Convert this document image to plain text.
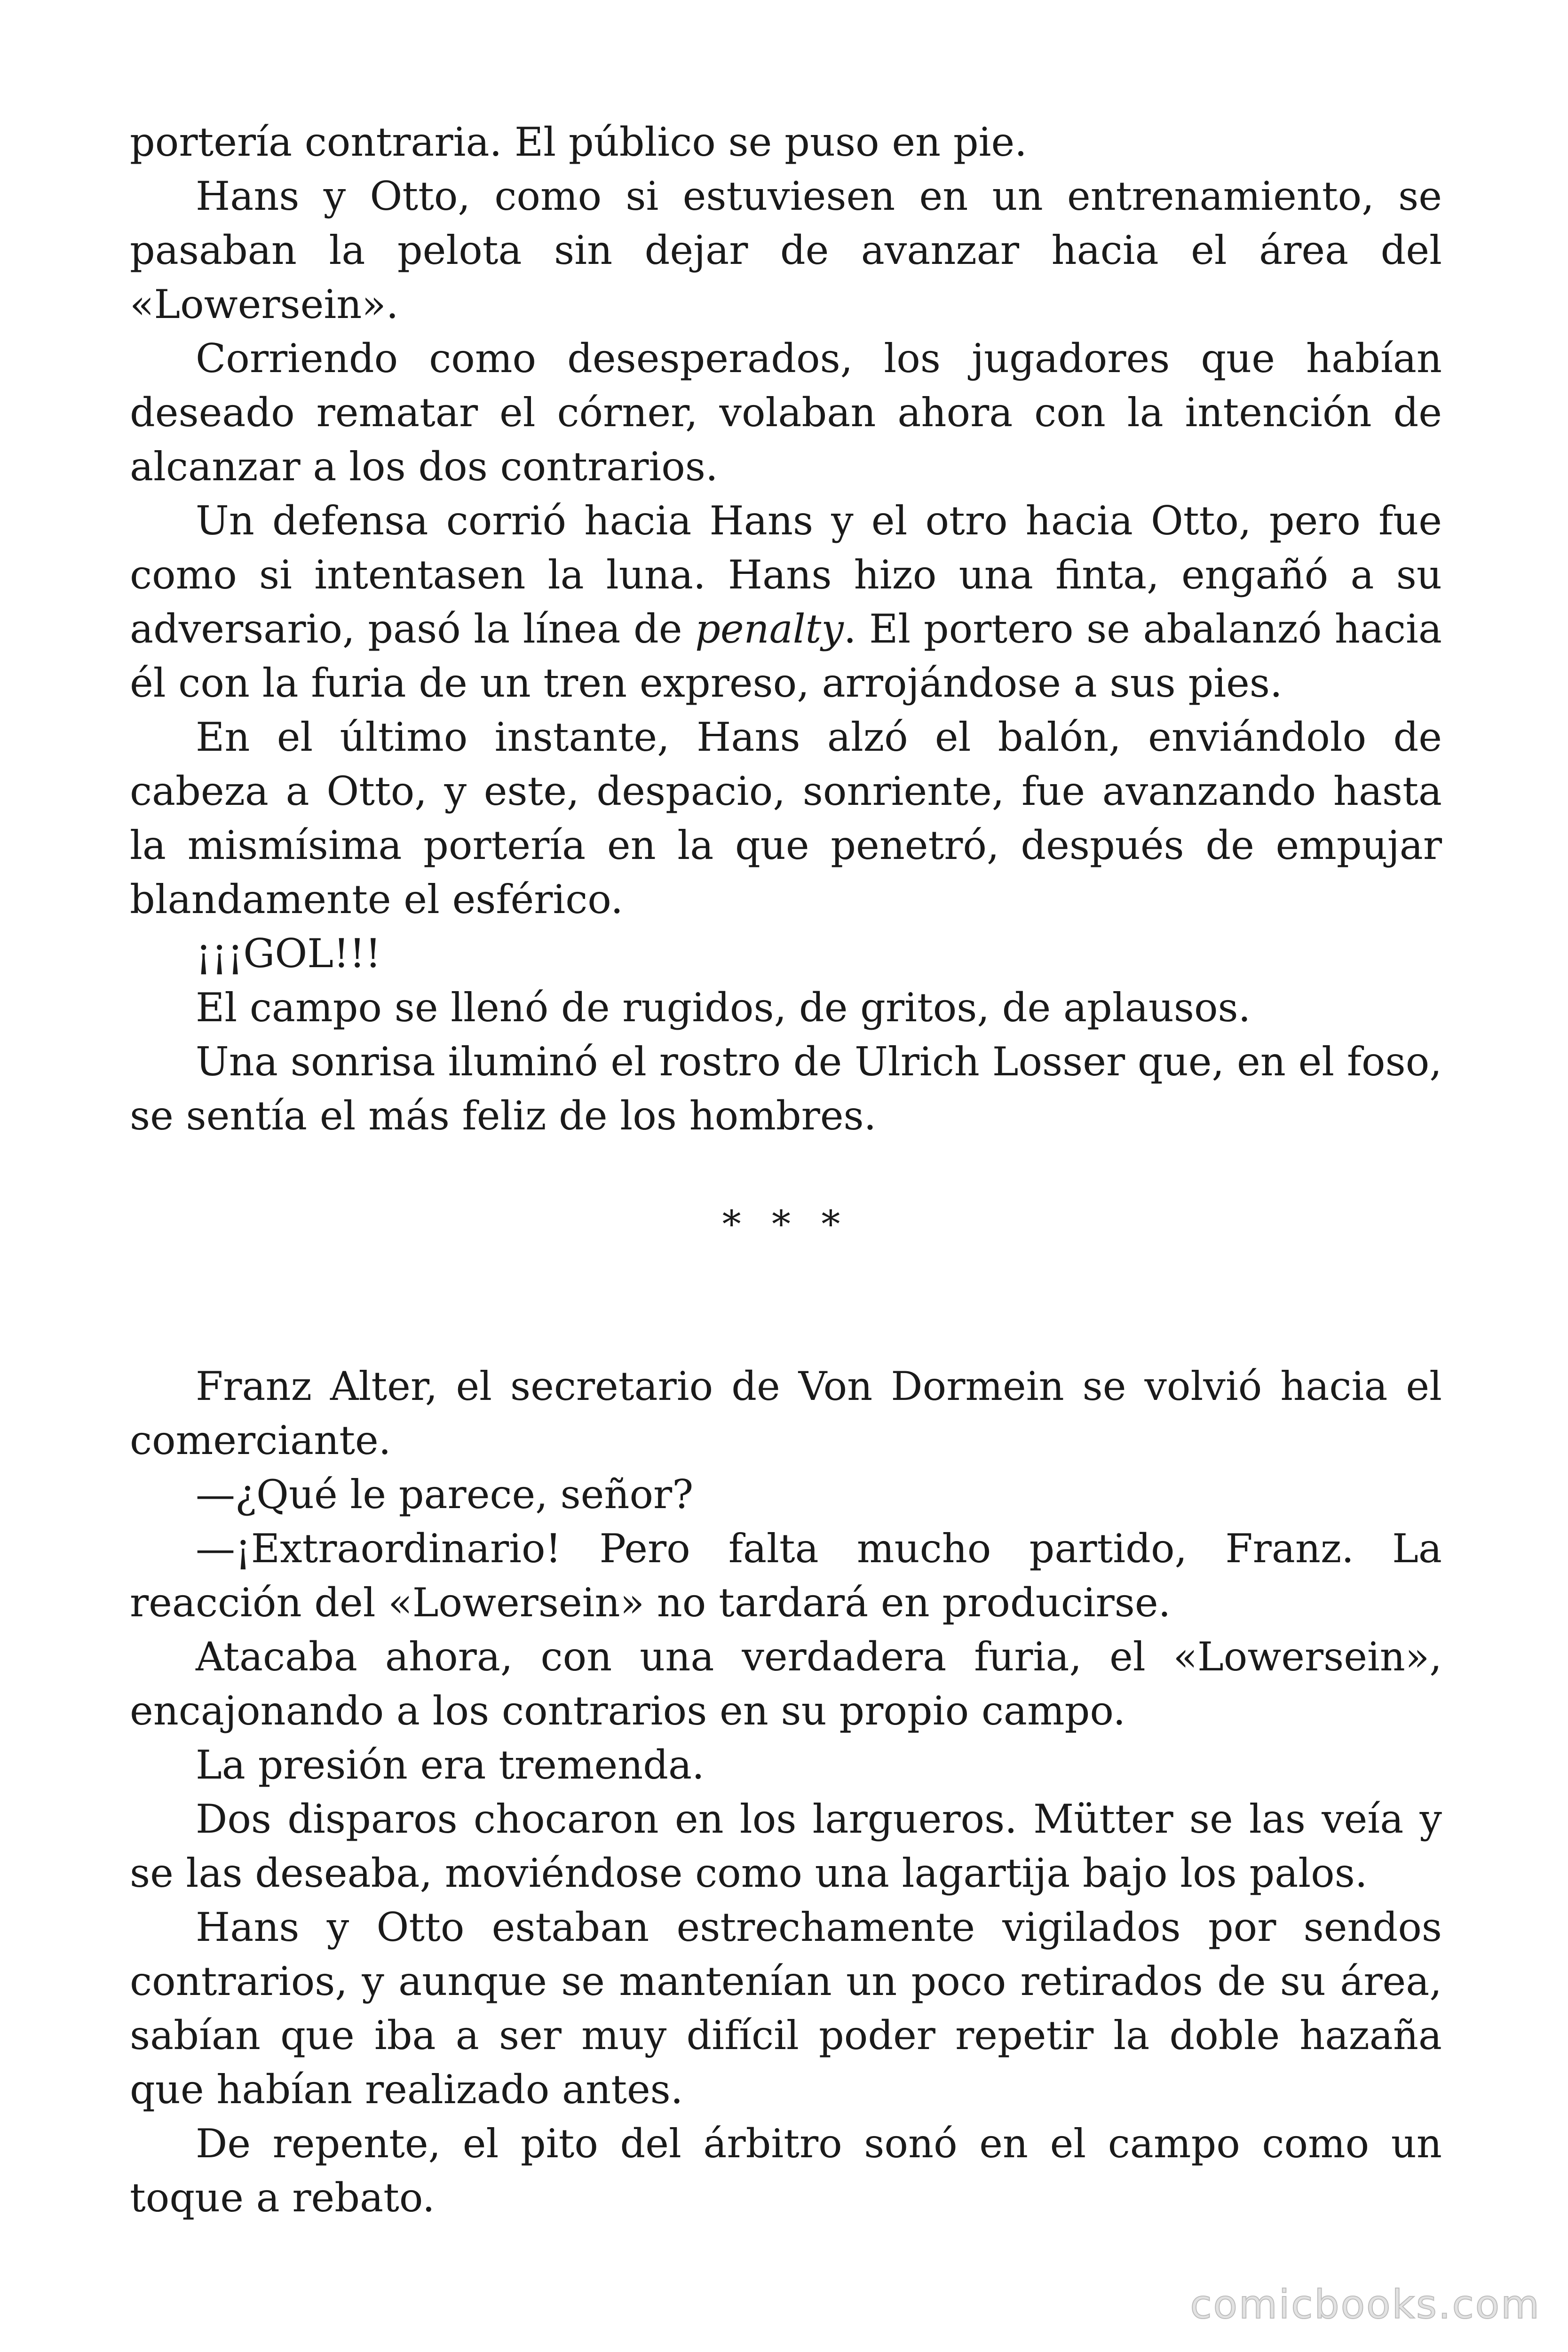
portería contraria. El público se puso en pie.

Hans y Otto, como si estuviesen en un entrenamiento, se pasaban la pelota sin dejar de avanzar hacia el área del «Lowersein».

Corriendo como desesperados, los jugadores que habían deseado rematar el córner, volaban ahora con la intención de alcanzar a los dos contrarios.

Un defensa corrió hacia Hans y el otro hacia Otto, pero fue como si intentasen la luna. Hans hizo una finta, engañó a su adversario, pasó la línea de penalty. El portero se abalanzó hacia él con la furia de un tren expreso, arrojándose a sus pies.

En el último instante, Hans alzó el balón, enviándolo de cabeza a Otto, y este, despacio, sonriente, fue avanzando hasta la mismísima portería en la que penetró, después de empujar blandamente el esférico.

¡¡¡GOL!!!

El campo se llenó de rugidos, de gritos, de aplausos.

Una sonrisa iluminó el rostro de Ulrich Losser que, en el foso, se sentía el más feliz de los hombres.

* * *

Franz Alter, el secretario de Von Dormein se volvió hacia el comerciante.

—¿Qué le parece, señor?

—¡Extraordinario! Pero falta mucho partido, Franz. La reacción del «Lowersein» no tardará en producirse.

Atacaba ahora, con una verdadera furia, el «Lowersein», encajonando a los contrarios en su propio campo.

La presión era tremenda.

Dos disparos chocaron en los largueros. Mütter se las veía y se las deseaba, moviéndose como una lagartija bajo los palos.

Hans y Otto estaban estrechamente vigilados por sendos contrarios, y aunque se mantenían un poco retirados de su área, sabían que iba a ser muy difícil poder repetir la doble hazaña que habían realizado antes.

De repente, el pito del árbitro sonó en el campo como un toque a rebato.

comicbooks.com
